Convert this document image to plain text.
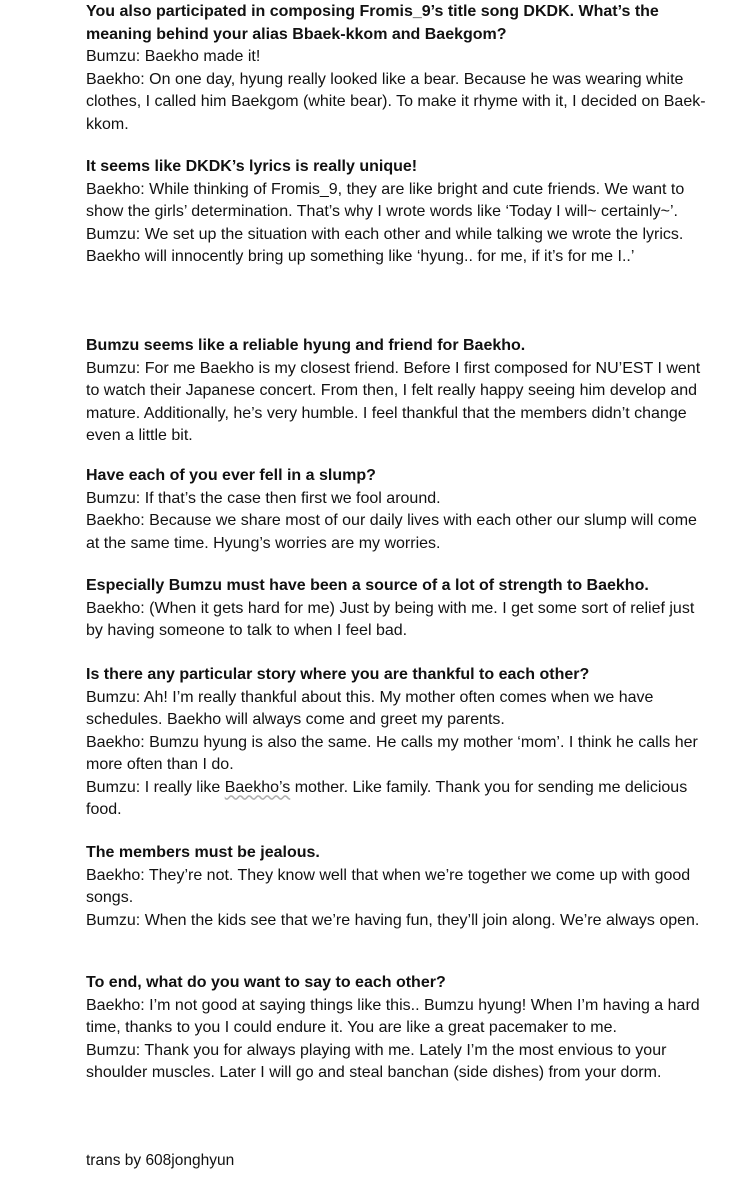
You also participated in composing Fromis_9’s title song DKDK. What’s the meaning behind your alias Bbaek-kkom and Baekgom?

Bumzu: Baekho made it!

Baekho: On one day, hyung really looked like a bear. Because he was wearing white clothes, I called him Baekgom (white bear). To make it rhyme with it, I decided on Baek-kkom.

It seems like DKDK’s lyrics is really unique!

Baekho: While thinking of Fromis_9, they are like bright and cute friends. We want to show the girls’ determination. That’s why I wrote words like ‘Today I will~ certainly~’.

Bumzu: We set up the situation with each other and while talking we wrote the lyrics. Baekho will innocently bring up something like ‘hyung.. for me, if it’s for me I..’

Bumzu seems like a reliable hyung and friend for Baekho.

Bumzu: For me Baekho is my closest friend. Before I first composed for NU’EST I went to watch their Japanese concert. From then, I felt really happy seeing him develop and mature. Additionally, he’s very humble. I feel thankful that the members didn’t change even a little bit.

Have each of you ever fell in a slump?

Bumzu: If that’s the case then first we fool around.

Baekho: Because we share most of our daily lives with each other our slump will come at the same time. Hyung’s worries are my worries.

Especially Bumzu must have been a source of a lot of strength to Baekho.

Baekho: (When it gets hard for me) Just by being with me. I get some sort of relief just by having someone to talk to when I feel bad.

Is there any particular story where you are thankful to each other?

Bumzu: Ah! I’m really thankful about this. My mother often comes when we have schedules. Baekho will always come and greet my parents.

Baekho: Bumzu hyung is also the same. He calls my mother ‘mom’. I think he calls her more often than I do.

Bumzu: I really like Baekho’s mother. Like family. Thank you for sending me delicious food.

The members must be jealous.

Baekho: They’re not. They know well that when we’re together we come up with good songs.

Bumzu: When the kids see that we’re having fun, they’ll join along. We’re always open.

To end, what do you want to say to each other?

Baekho: I’m not good at saying things like this.. Bumzu hyung! When I’m having a hard time, thanks to you I could endure it. You are like a great pacemaker to me.

Bumzu: Thank you for always playing with me. Lately I’m the most envious to your shoulder muscles. Later I will go and steal banchan (side dishes) from your dorm.

trans by 608jonghyun
